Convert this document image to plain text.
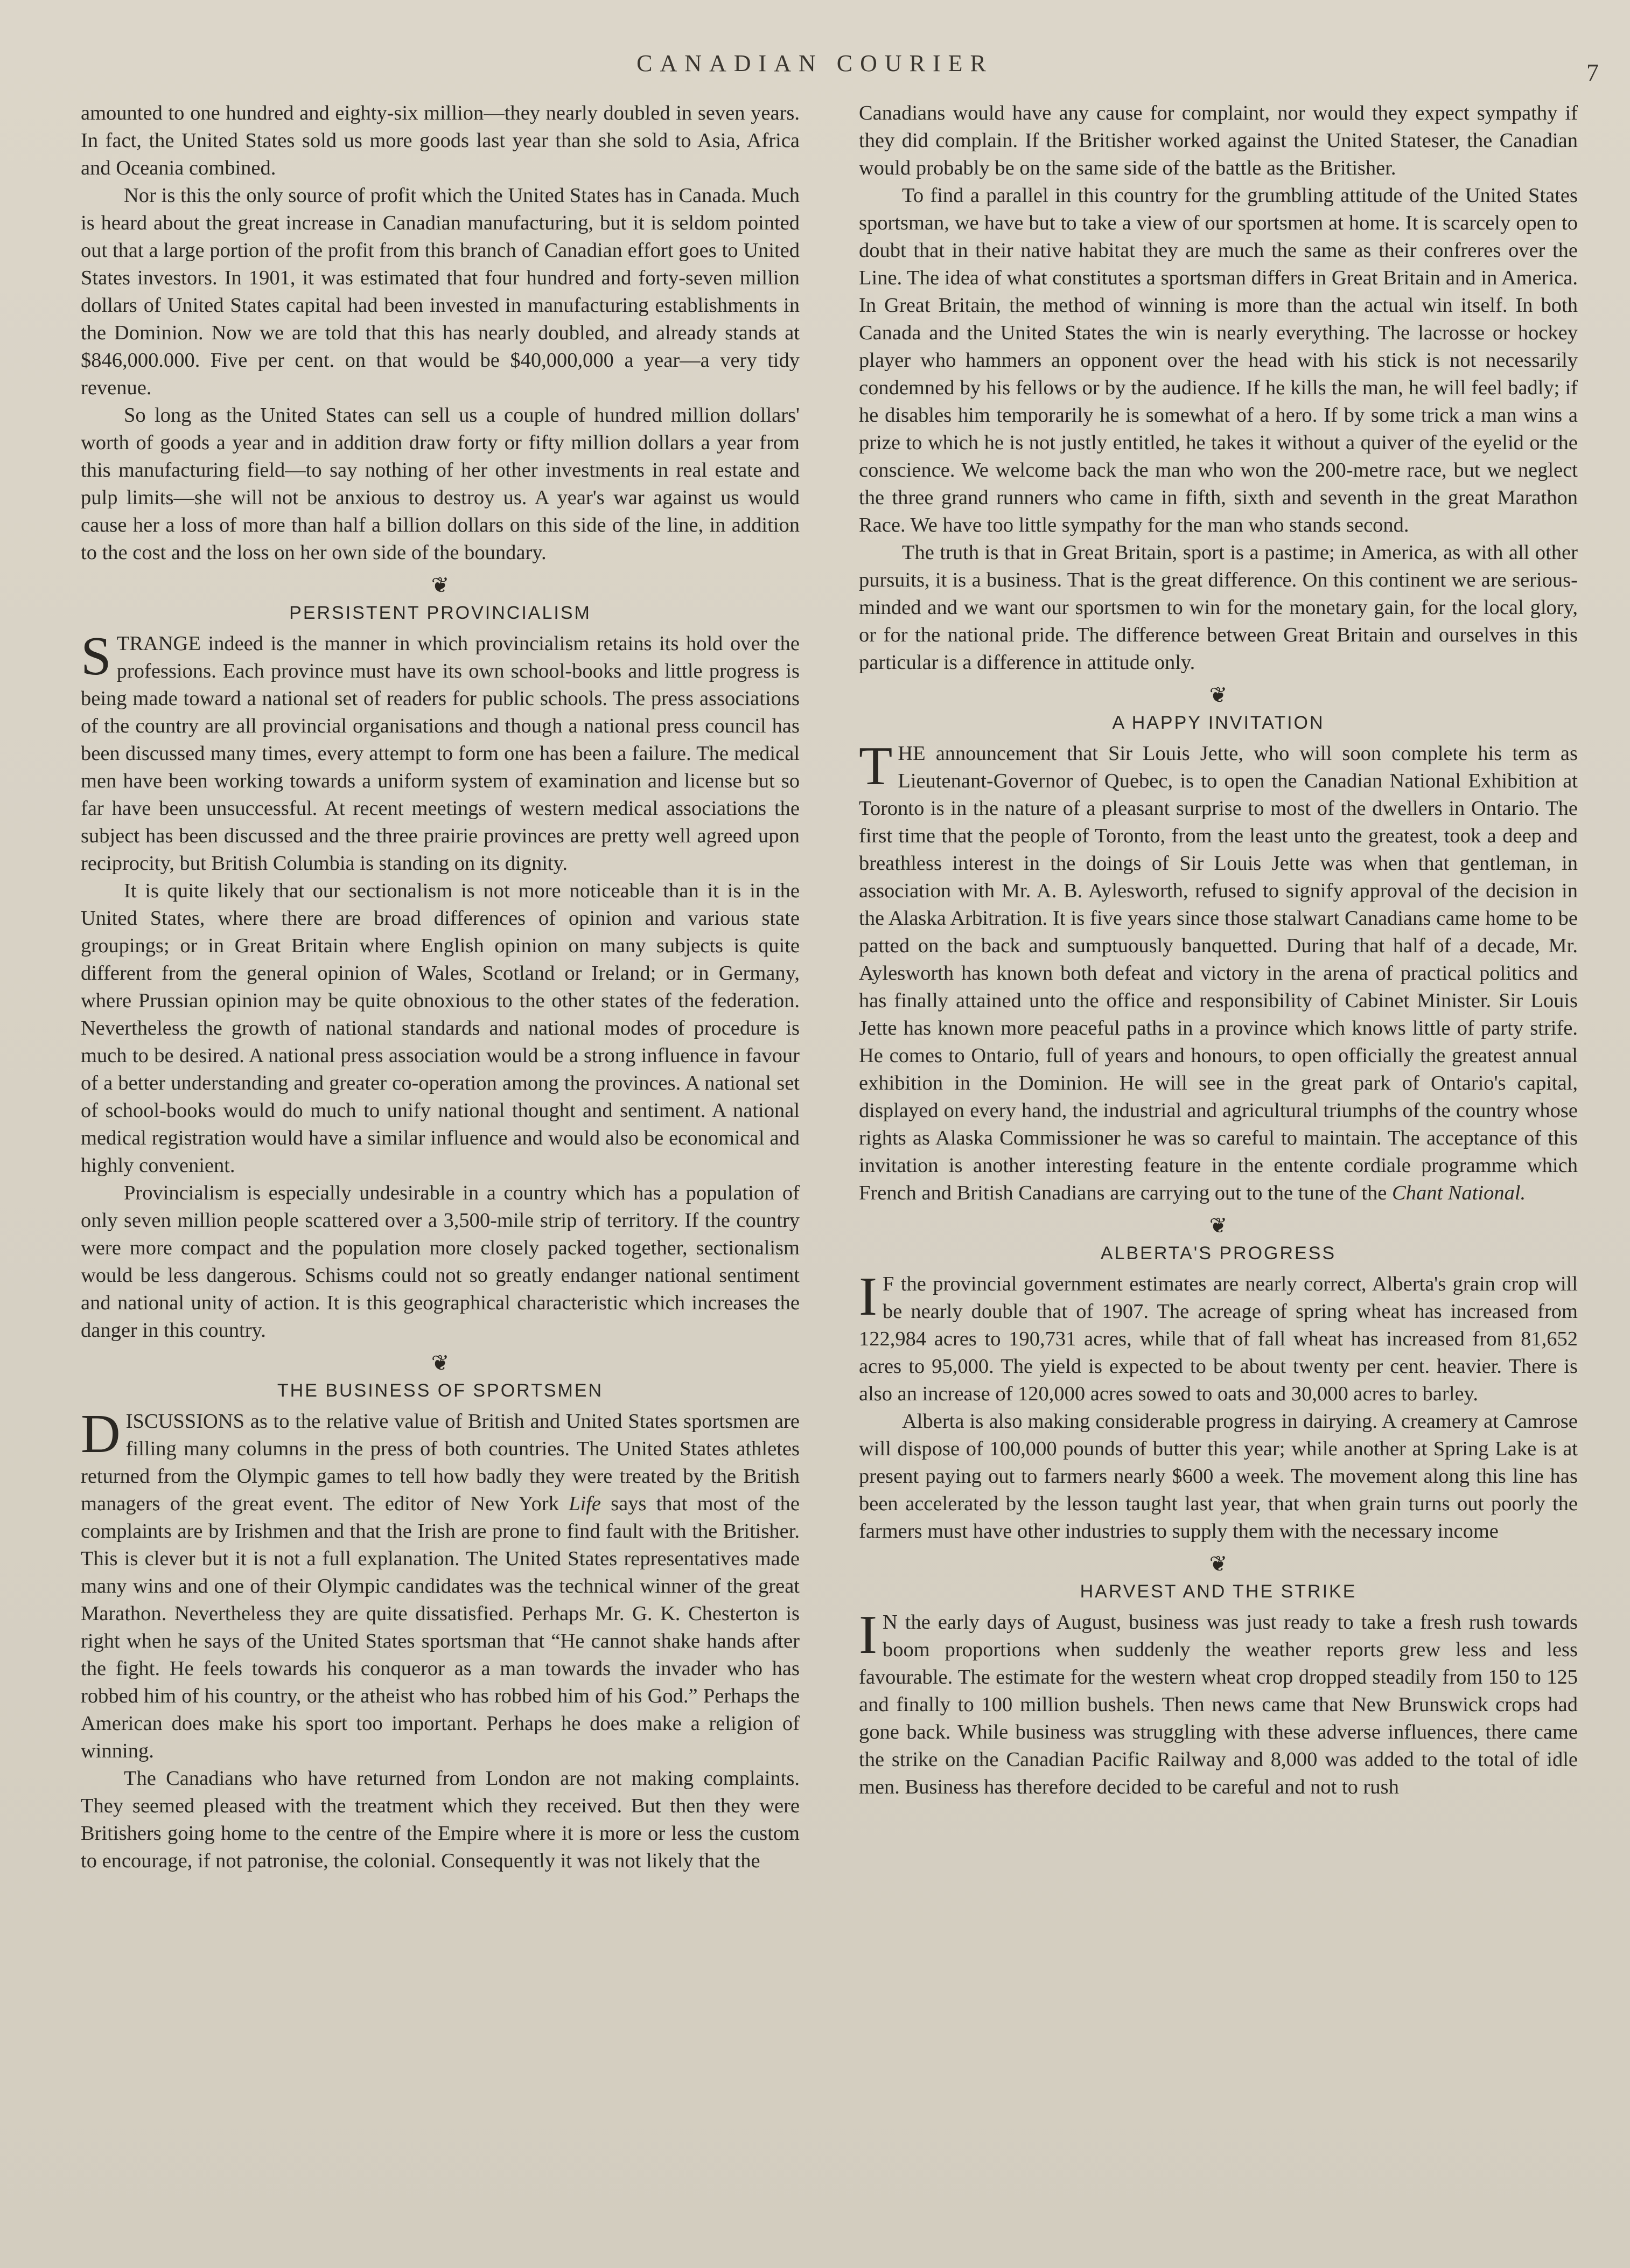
CANADIAN COURIER	7

amounted to one hundred and eighty-six million—they nearly doubled in seven years. In fact, the United States sold us more goods last year than she sold to Asia, Africa and Oceania combined.

Nor is this the only source of profit which the United States has in Canada. Much is heard about the great increase in Canadian manufacturing, but it is seldom pointed out that a large portion of the profit from this branch of Canadian effort goes to United States investors. In 1901, it was estimated that four hundred and forty-seven million dollars of United States capital had been invested in manufacturing establishments in the Dominion. Now we are told that this has nearly doubled, and already stands at $846,000.000. Five per cent. on that would be $40,000,000 a year—a very tidy revenue.

So long as the United States can sell us a couple of hundred million dollars' worth of goods a year and in addition draw forty or fifty million dollars a year from this manufacturing field—to say nothing of her other investments in real estate and pulp limits—she will not be anxious to destroy us. A year's war against us would cause her a loss of more than half a billion dollars on this side of the line, in addition to the cost and the loss on her own side of the boundary.

❦
PERSISTENT PROVINCIALISM

STRANGE indeed is the manner in which provincialism retains its hold over the professions. Each province must have its own school-books and little progress is being made toward a national set of readers for public schools. The press associations of the country are all provincial organisations and though a national press council has been discussed many times, every attempt to form one has been a failure. The medical men have been working towards a uniform system of examination and license but so far have been unsuccessful. At recent meetings of western medical associations the subject has been discussed and the three prairie provinces are pretty well agreed upon reciprocity, but British Columbia is standing on its dignity.

It is quite likely that our sectionalism is not more noticeable than it is in the United States, where there are broad differences of opinion and various state groupings; or in Great Britain where English opinion on many subjects is quite different from the general opinion of Wales, Scotland or Ireland; or in Germany, where Prussian opinion may be quite obnoxious to the other states of the federation. Nevertheless the growth of national standards and national modes of procedure is much to be desired. A national press association would be a strong influence in favour of a better understanding and greater co-operation among the provinces. A national set of school-books would do much to unify national thought and sentiment. A national medical registration would have a similar influence and would also be economical and highly convenient.

Provincialism is especially undesirable in a country which has a population of only seven million people scattered over a 3,500-mile strip of territory. If the country were more compact and the population more closely packed together, sectionalism would be less dangerous. Schisms could not so greatly endanger national sentiment and national unity of action. It is this geographical characteristic which increases the danger in this country.

❦
THE BUSINESS OF SPORTSMEN

DISCUSSIONS as to the relative value of British and United States sportsmen are filling many columns in the press of both countries. The United States athletes returned from the Olympic games to tell how badly they were treated by the British managers of the great event. The editor of New York Life says that most of the complaints are by Irishmen and that the Irish are prone to find fault with the Britisher. This is clever but it is not a full explanation. The United States representatives made many wins and one of their Olympic candidates was the technical winner of the great Marathon. Nevertheless they are quite dissatisfied. Perhaps Mr. G. K. Chesterton is right when he says of the United States sportsman that “He cannot shake hands after the fight. He feels towards his conqueror as a man towards the invader who has robbed him of his country, or the atheist who has robbed him of his God.” Perhaps the American does make his sport too important. Perhaps he does make a religion of winning.

The Canadians who have returned from London are not making complaints. They seemed pleased with the treatment which they received. But then they were Britishers going home to the centre of the Empire where it is more or less the custom to encourage, if not patronise, the colonial. Consequently it was not likely that the

Canadians would have any cause for complaint, nor would they expect sympathy if they did complain. If the Britisher worked against the United Stateser, the Canadian would probably be on the same side of the battle as the Britisher.

To find a parallel in this country for the grumbling attitude of the United States sportsman, we have but to take a view of our sportsmen at home. It is scarcely open to doubt that in their native habitat they are much the same as their confreres over the Line. The idea of what constitutes a sportsman differs in Great Britain and in America. In Great Britain, the method of winning is more than the actual win itself. In both Canada and the United States the win is nearly everything. The lacrosse or hockey player who hammers an opponent over the head with his stick is not necessarily condemned by his fellows or by the audience. If he kills the man, he will feel badly; if he disables him temporarily he is somewhat of a hero. If by some trick a man wins a prize to which he is not justly entitled, he takes it without a quiver of the eyelid or the conscience. We welcome back the man who won the 200-metre race, but we neglect the three grand runners who came in fifth, sixth and seventh in the great Marathon Race. We have too little sympathy for the man who stands second.

The truth is that in Great Britain, sport is a pastime; in America, as with all other pursuits, it is a business. That is the great difference. On this continent we are serious-minded and we want our sportsmen to win for the monetary gain, for the local glory, or for the national pride. The difference between Great Britain and ourselves in this particular is a difference in attitude only.

❦
A HAPPY INVITATION

THE announcement that Sir Louis Jette, who will soon complete his term as Lieutenant-Governor of Quebec, is to open the Canadian National Exhibition at Toronto is in the nature of a pleasant surprise to most of the dwellers in Ontario. The first time that the people of Toronto, from the least unto the greatest, took a deep and breathless interest in the doings of Sir Louis Jette was when that gentleman, in association with Mr. A. B. Aylesworth, refused to signify approval of the decision in the Alaska Arbitration. It is five years since those stalwart Canadians came home to be patted on the back and sumptuously banquetted. During that half of a decade, Mr. Aylesworth has known both defeat and victory in the arena of practical politics and has finally attained unto the office and responsibility of Cabinet Minister. Sir Louis Jette has known more peaceful paths in a province which knows little of party strife. He comes to Ontario, full of years and honours, to open officially the greatest annual exhibition in the Dominion. He will see in the great park of Ontario's capital, displayed on every hand, the industrial and agricultural triumphs of the country whose rights as Alaska Commissioner he was so careful to maintain. The acceptance of this invitation is another interesting feature in the entente cordiale programme which French and British Canadians are carrying out to the tune of the Chant National.

❦
ALBERTA'S PROGRESS

I F the provincial government estimates are nearly correct, Alberta's grain crop will be nearly double that of 1907. The acreage of spring wheat has increased from 122,984 acres to 190,731 acres, while that of fall wheat has increased from 81,652 acres to 95,000. The yield is expected to be about twenty per cent. heavier. There is also an increase of 120,000 acres sowed to oats and 30,000 acres to barley.

Alberta is also making considerable progress in dairying. A creamery at Camrose will dispose of 100,000 pounds of butter this year; while another at Spring Lake is at present paying out to farmers nearly $600 a week. The movement along this line has been accelerated by the lesson taught last year, that when grain turns out poorly the farmers must have other industries to supply them with the necessary income

❦
HARVEST AND THE STRIKE

I N the early days of August, business was just ready to take a fresh rush towards boom proportions when suddenly the weather reports grew less and less favourable. The estimate for the western wheat crop dropped steadily from 150 to 125 and finally to 100 million bushels. Then news came that New Brunswick crops had gone back. While business was struggling with these adverse influences, there came the strike on the Canadian Pacific Railway and 8,000 was added to the total of idle men. Business has therefore decided to be careful and not to rush
